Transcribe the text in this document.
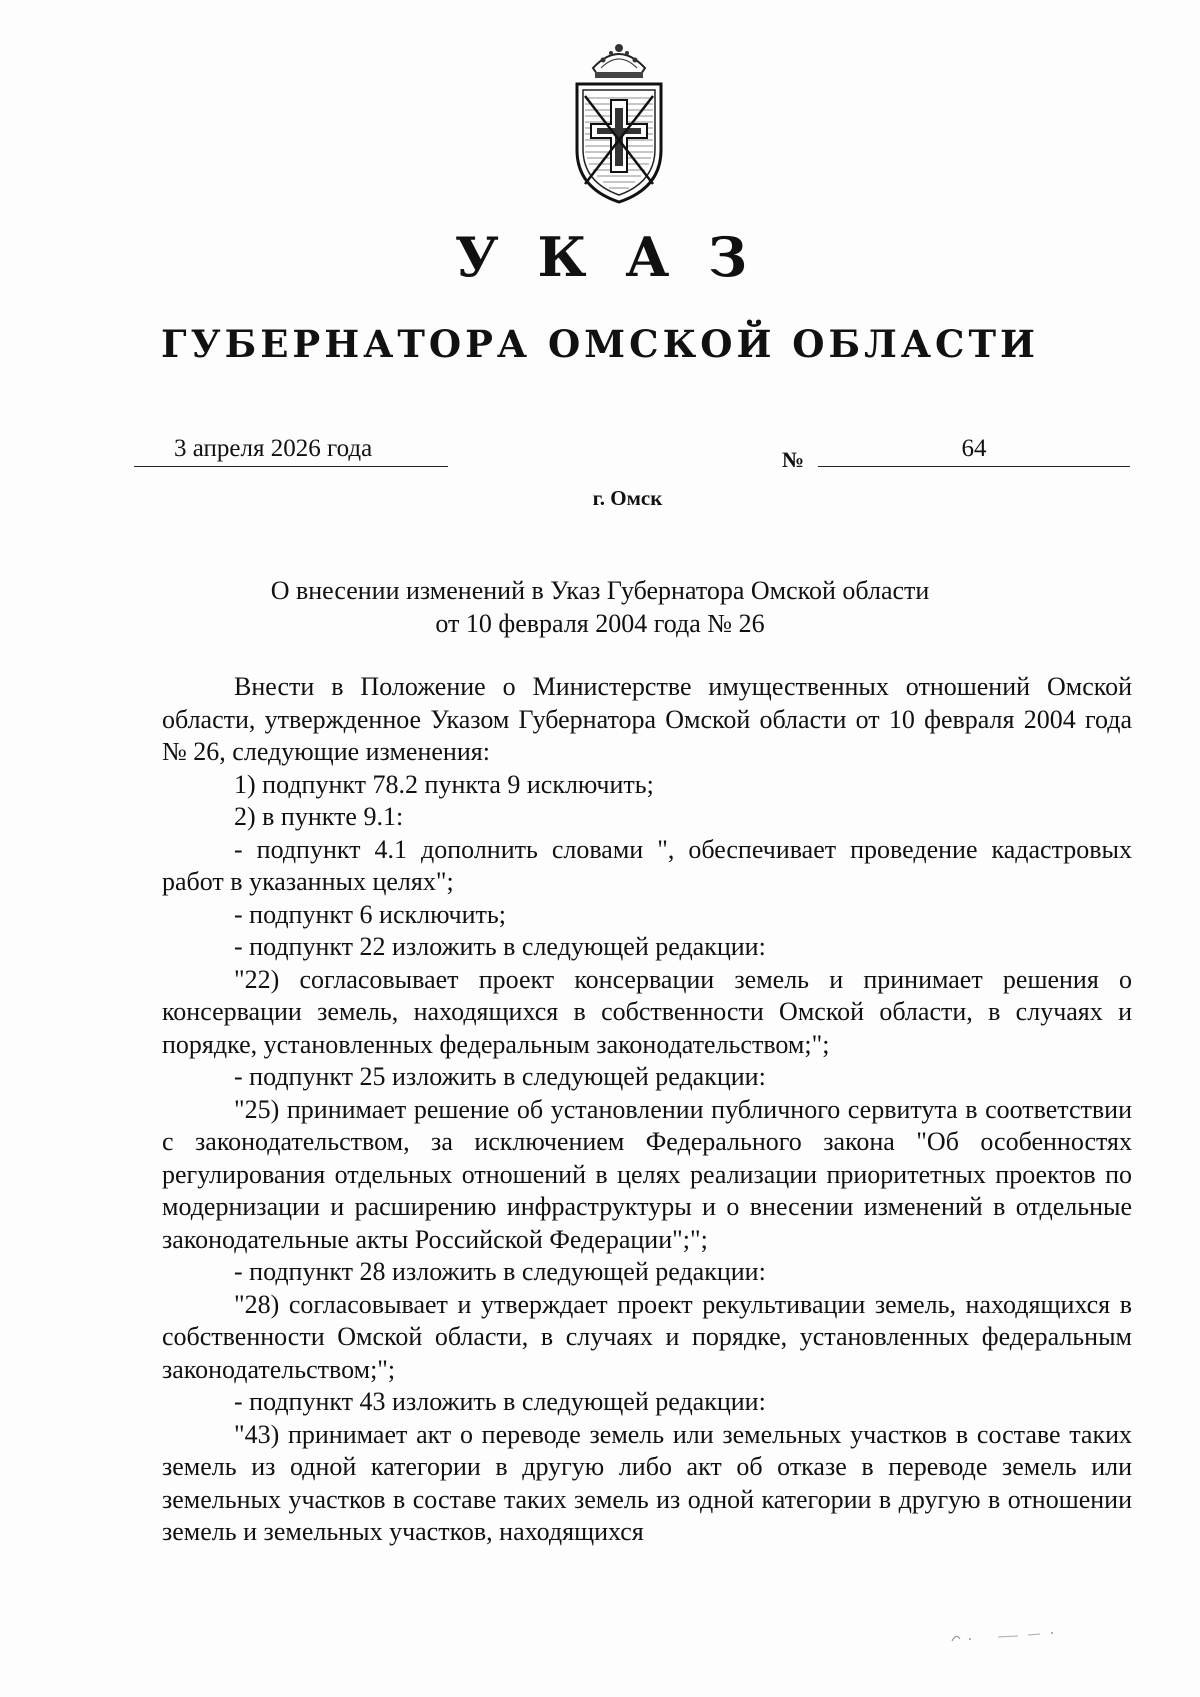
У К А З
ГУБЕРНАТОРА ОМСКОЙ ОБЛАСТИ
3 апреля 2026 года	№	64
г. Омск
О внесении изменений в Указ Губернатора Омской области
от 10 февраля 2004 года № 26

Внести в Положение о Министерстве имущественных отношений Омской области, утвержденное Указом Губернатора Омской области от 10 февраля 2004 года № 26, следующие изменения:

1) подпункт 78.2 пункта 9 исключить;

2) в пункте 9.1:

- подпункт 4.1 дополнить словами ", обеспечивает проведение кадастровых работ в указанных целях";

- подпункт 6 исключить;

- подпункт 22 изложить в следующей редакции:

"22) согласовывает проект консервации земель и принимает решения о консервации земель, находящихся в собственности Омской области, в случаях и порядке, установленных федеральным законодательством;";

- подпункт 25 изложить в следующей редакции:

"25) принимает решение об установлении публичного сервитута в соответствии с законодательством, за исключением Федерального закона "Об особенностях регулирования отдельных отношений в целях реализации приоритетных проектов по модернизации и расширению инфраструктуры и о внесении изменений в отдельные законодательные акты Российской Федерации";";

- подпункт 28 изложить в следующей редакции:

"28) согласовывает и утверждает проект рекультивации земель, находящихся в собственности Омской области, в случаях и порядке, установленных федеральным законодательством;";

- подпункт 43 изложить в следующей редакции:

"43) принимает акт о переводе земель или земельных участков в составе таких земель из одной категории в другую либо акт об отказе в переводе земель или земельных участков в составе таких земель из одной категории в другую в отношении земель и земельных участков, находящихся
